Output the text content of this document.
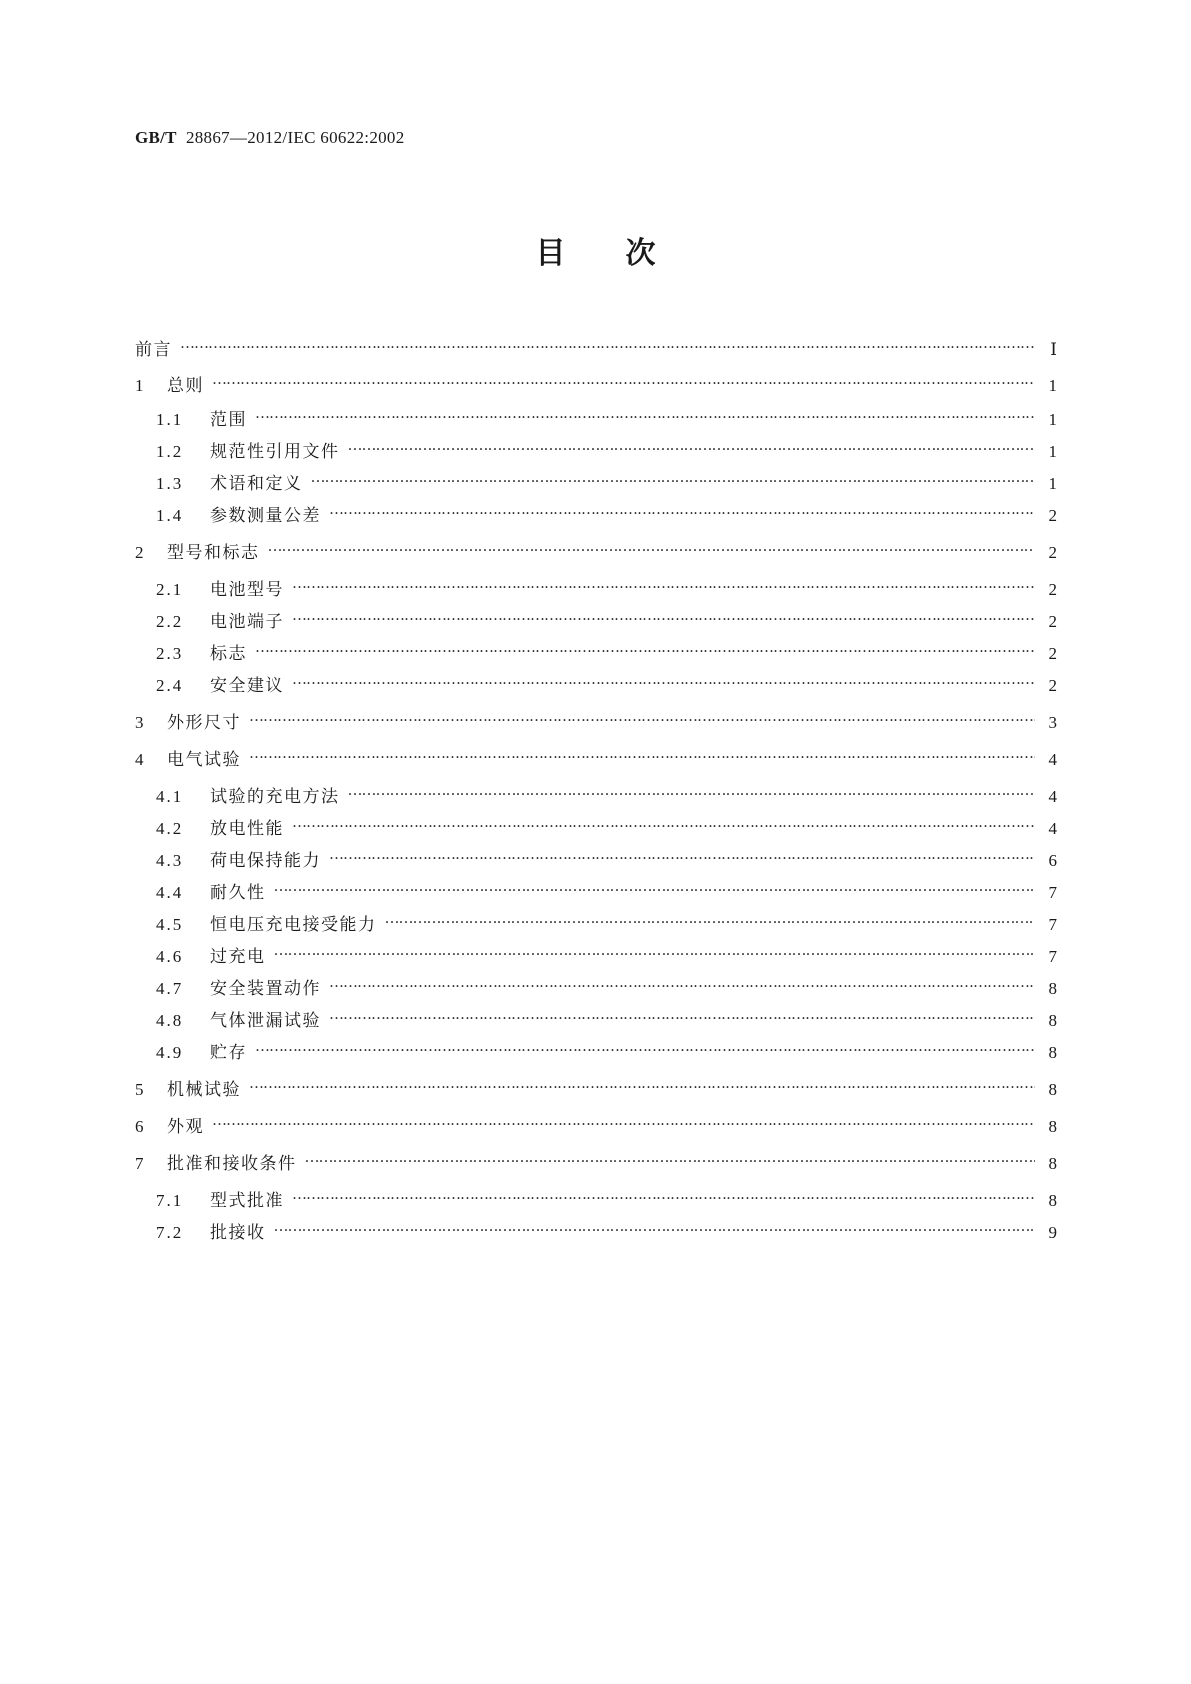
GB/T 28867—2012/IEC 60622:2002
目 次
前言 …………………………………………………………………………………………………………………………………………………………………………………………………………	Ⅰ
1	总则 …………………………………………………………………………………………………………………………………………………………………………………………………………	1
1.1	范围 …………………………………………………………………………………………………………………………………………………………………………………………………………	1
1.2	规范性引用文件 …………………………………………………………………………………………………………………………………………………………………………………………………………	1
1.3	术语和定义 …………………………………………………………………………………………………………………………………………………………………………………………………………	1
1.4	参数测量公差 …………………………………………………………………………………………………………………………………………………………………………………………………………	2
2	型号和标志 …………………………………………………………………………………………………………………………………………………………………………………………………………	2
2.1	电池型号 …………………………………………………………………………………………………………………………………………………………………………………………………………	2
2.2	电池端子 …………………………………………………………………………………………………………………………………………………………………………………………………………	2
2.3	标志 …………………………………………………………………………………………………………………………………………………………………………………………………………	2
2.4	安全建议 …………………………………………………………………………………………………………………………………………………………………………………………………………	2
3	外形尺寸 …………………………………………………………………………………………………………………………………………………………………………………………………………	3
4	电气试验 …………………………………………………………………………………………………………………………………………………………………………………………………………	4
4.1	试验的充电方法 …………………………………………………………………………………………………………………………………………………………………………………………………………	4
4.2	放电性能 …………………………………………………………………………………………………………………………………………………………………………………………………………	4
4.3	荷电保持能力 …………………………………………………………………………………………………………………………………………………………………………………………………………	6
4.4	耐久性 …………………………………………………………………………………………………………………………………………………………………………………………………………	7
4.5	恒电压充电接受能力 …………………………………………………………………………………………………………………………………………………………………………………………………………	7
4.6	过充电 …………………………………………………………………………………………………………………………………………………………………………………………………………	7
4.7	安全装置动作 …………………………………………………………………………………………………………………………………………………………………………………………………………	8
4.8	气体泄漏试验 …………………………………………………………………………………………………………………………………………………………………………………………………………	8
4.9	贮存 …………………………………………………………………………………………………………………………………………………………………………………………………………	8
5	机械试验 …………………………………………………………………………………………………………………………………………………………………………………………………………	8
6	外观 …………………………………………………………………………………………………………………………………………………………………………………………………………	8
7	批准和接收条件 …………………………………………………………………………………………………………………………………………………………………………………………………………	8
7.1	型式批准 …………………………………………………………………………………………………………………………………………………………………………………………………………	8
7.2	批接收 …………………………………………………………………………………………………………………………………………………………………………………………………………	9
